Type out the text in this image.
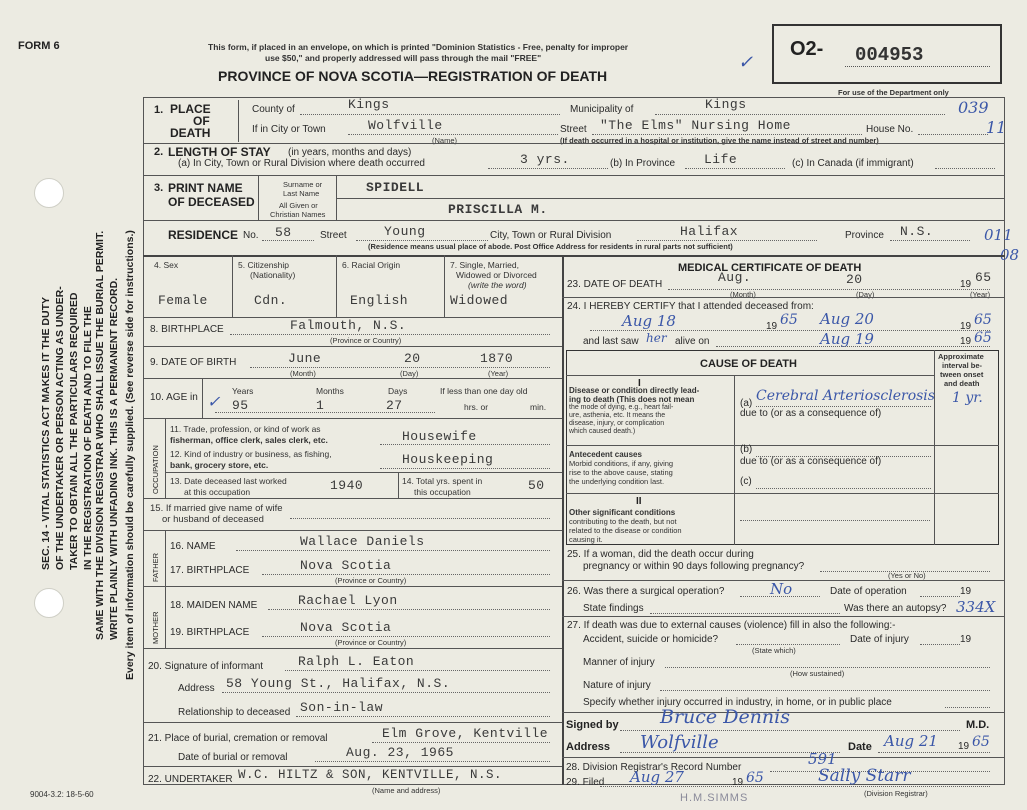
FORM 6	This form, if placed in an envelope, on which is printed "Dominion Statistics - Free, penalty for improper
use $50," and properly addressed will pass through the mail "FREE"
PROVINCE OF NOVA SCOTIA—REGISTRATION OF DEATH
✓
O2- 004953
For use of the Department only
SEC. 14 - VITAL STATISTICS ACT MAKES IT THE DUTY OF THE UNDERTAKER OR PERSON ACTING AS UNDER- TAKER TO OBTAIN ALL THE PARTICULARS REQUIRED IN THE REGISTRATION OF DEATH AND TO FILE THE SAME WITH THE DIVISION REGISTRAR WHO SHALL ISSUE THE BURIAL PERMIT. WRITE PLAINLY WITH UNFADING INK. THIS IS A PERMANENT RECORD. Every item of information should be carefully supplied. (See reverse side for instructions.)
1. PLACE
OF
DEATH
County of	Kings	Municipality of	Kings	039
If in City or Town	Wolfville
(Name)
Street "The Elms" Nursing Home	House No.	11
(If death occurred in a hospital or institution, give the name instead of street and number)
2. LENGTH OF STAY (in years, months and days)
(a) In City, Town or Rural Division where death occurred	3 yrs.	(b) In Province Life	(c) In Canada (if immigrant)
3. PRINT NAME
OF DECEASED
Surname or
Last Name
All Given or
Christian Names
SPIDELL
PRISCILLA M.
RESIDENCE No. 58	Street	Young	City, Town or Rural Division	Halifax	Province N.S.	011
08
(Residence means usual place of abode. Post Office Address for residents in rural parts not sufficient)
4. Sex	5. Citizenship
(Nationality)
6. Racial Origin	7. Single, Married,
Widowed or Divorced
(write the word)
Female	Cdn.	English	Widowed
8. BIRTHPLACE	Falmouth, N.S.
(Province or Country)
9. DATE OF BIRTH	June	20	1870
(Month)	(Day)	(Year)
10. AGE in ✓
Years
95
Months
1
Days
27
If less than one day old
hrs. or	min.
OCCUPATION
11. Trade, profession, or kind of work as
fisherman, office clerk, sales clerk, etc.	Housewife
12. Kind of industry or business, as fishing,
bank, grocery store, etc.	Houskeeping
13. Date deceased last worked
at this occupation	1940	14. Total yrs. spent in
this occupation	50
15. If married give name of wife
or husband of deceased
FATHER
16. NAME	Wallace Daniels
17. BIRTHPLACE	Nova Scotia
(Province or Country)
MOTHER
18. MAIDEN NAME	Rachael Lyon
19. BIRTHPLACE	Nova Scotia
(Province or Country)
20. Signature of informant	Ralph L. Eaton
Address 58 Young St., Halifax, N.S.
Relationship to deceased Son-in-law
21. Place of burial, cremation or removal	Elm Grove, Kentville
Date of burial or removal	Aug. 23, 1965
22. UNDERTAKER W.C. HILTZ & SON, KENTVILLE, N.S.
(Name and address)
9004-3.2: 18-5-60	H.M.SIMMS
MEDICAL CERTIFICATE OF DEATH
23. DATE OF DEATH	Aug.	20	19 65
(Month)	(Day)	(Year)
24. I HEREBY CERTIFY that I attended deceased from:
Aug 18	19 65 Aug 20	19 65
and last saw her alive on	Aug 19	19 65
CAUSE OF DEATH
Approximate
interval be-
tween onset
and death
I
Disease or condition directly lead-
ing to death (This does not mean
the mode of dying, e.g., heart fail-
ure, asthenia, etc. It means the
disease, injury, or complication
which caused death.)
(a) Cerebral Arteriosclerosis 1 yr.
due to (or as a consequence of)
Antecedent causes
Morbid conditions, if any, giving
rise to the above cause, stating
the underlying condition last.
(b)
due to (or as a consequence of)
(c)
II
Other significant conditions
contributing to the death, but not
related to the disease or condition
causing it.
25. If a woman, did the death occur during
pregnancy or within 90 days following pregnancy?
(Yes or No)
26. Was there a surgical operation?	No	Date of operation	19
State findings	Was there an autopsy? 334X
27. If death was due to external causes (violence) fill in also the following:-
Accident, suicide or homicide?
(State which)
Date of injury	19
Manner of injury
(How sustained)
Nature of injury
Specify whether injury occurred in industry, in home, or in public place
Signed by Bruce Dennis	M.D.
Address Wolfville	Date Aug 21 19 65
28. Division Registrar's Record Number	591
29. Filed Aug 27	19 65	Sally Starr
(Division Registrar)
